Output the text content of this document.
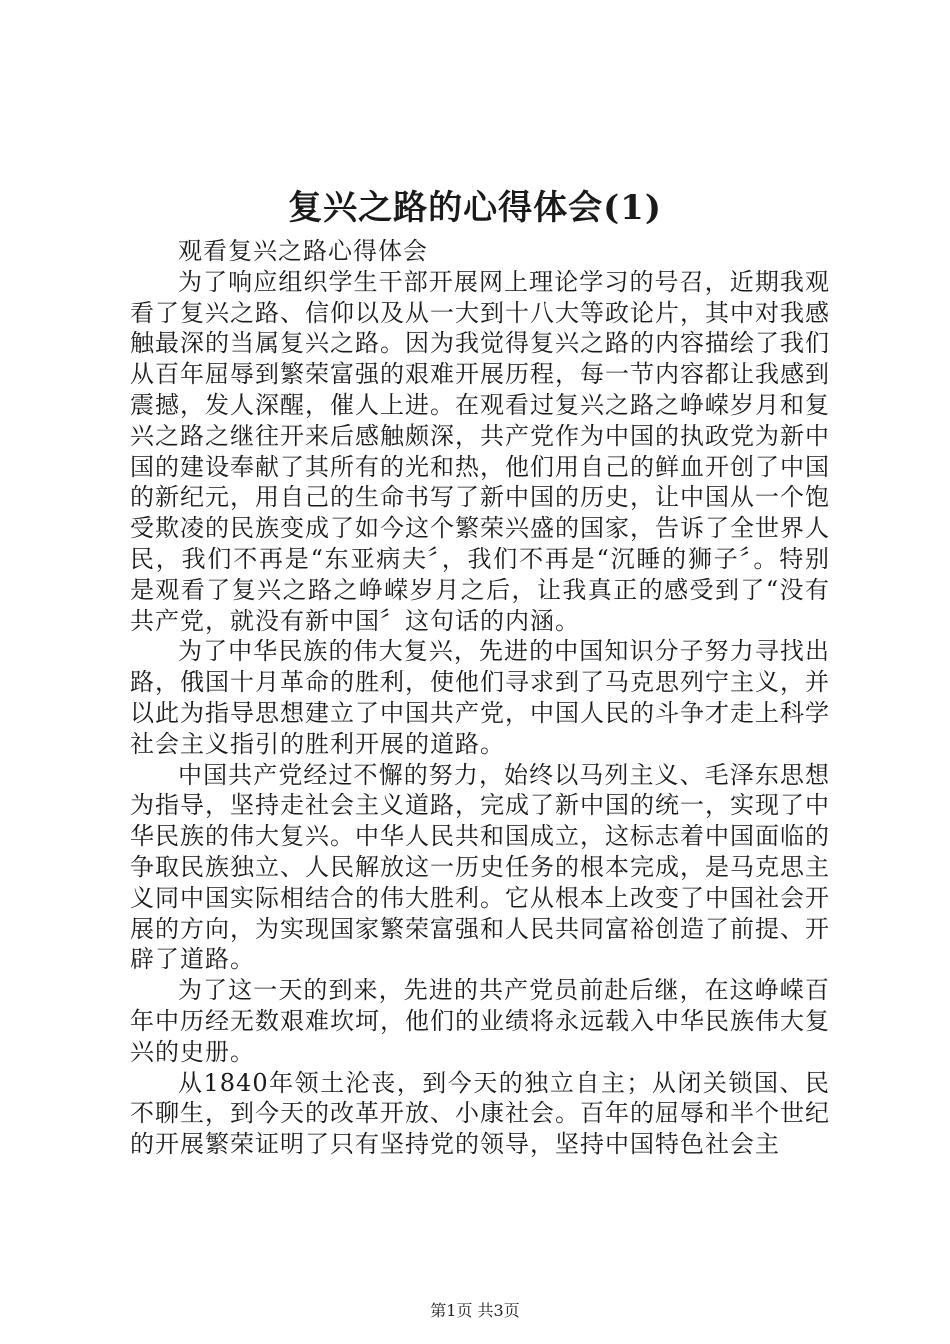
复兴之路的心得体会(1)

观看复兴之路心得体会

为了响应组织学生干部开展网上理论学习的号召，近期我观看了复兴之路、信仰以及从一大到十八大等政论片，其中对我感触最深的当属复兴之路。因为我觉得复兴之路的内容描绘了我们从百年屈辱到繁荣富强的艰难开展历程，每一节内容都让我感到震撼，发人深醒，催人上进。在观看过复兴之路之峥嵘岁月和复兴之路之继往开来后感触颇深，共产党作为中国的执政党为新中国的建设奉献了其所有的光和热，他们用自己的鲜血开创了中国的新纪元，用自己的生命书写了新中国的历史，让中国从一个饱受欺凌的民族变成了如今这个繁荣兴盛的国家，告诉了全世界人民，我们不再是“东亚病夫〞，我们不再是“沉睡的狮子〞。特别是观看了复兴之路之峥嵘岁月之后，让我真正的感受到了“没有共产党，就没有新中国〞这句话的内涵。

为了中华民族的伟大复兴，先进的中国知识分子努力寻找出路，俄国十月革命的胜利，使他们寻求到了马克思列宁主义，并以此为指导思想建立了中国共产党，中国人民的斗争才走上科学社会主义指引的胜利开展的道路。

中国共产党经过不懈的努力，始终以马列主义、毛泽东思想为指导，坚持走社会主义道路，完成了新中国的统一，实现了中华民族的伟大复兴。中华人民共和国成立，这标志着中国面临的争取民族独立、人民解放这一历史任务的根本完成，是马克思主义同中国实际相结合的伟大胜利。它从根本上改变了中国社会开展的方向，为实现国家繁荣富强和人民共同富裕创造了前提、开辟了道路。

为了这一天的到来，先进的共产党员前赴后继，在这峥嵘百年中历经无数艰难坎坷，他们的业绩将永远载入中华民族伟大复兴的史册。

从1840年领土沦丧，到今天的独立自主；从闭关锁国、民不聊生，到今天的改革开放、小康社会。百年的屈辱和半个世纪的开展繁荣证明了只有坚持党的领导，坚持中国特色社会主

第1页 共3页
